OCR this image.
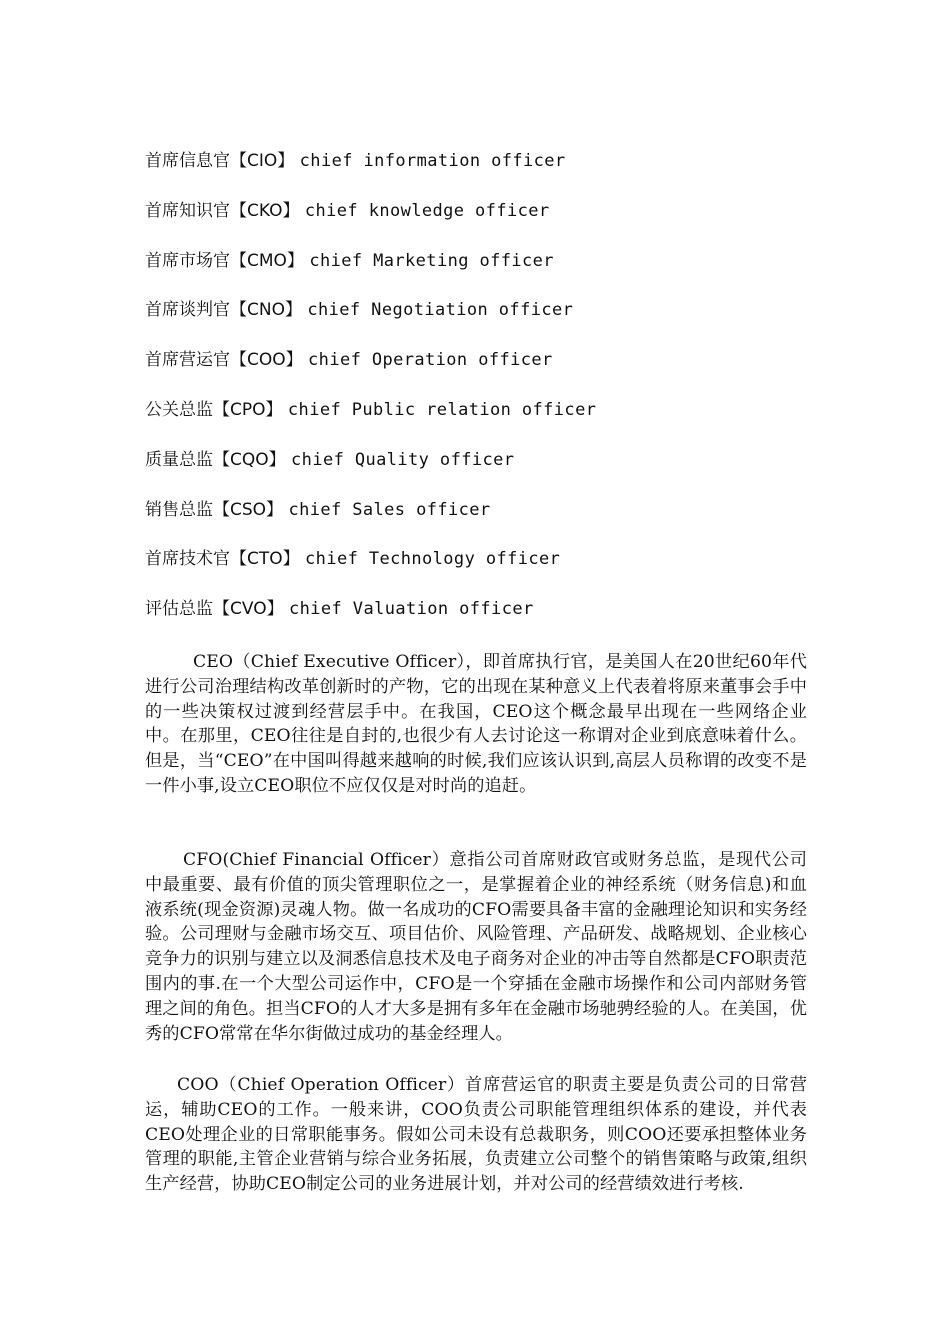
首席信息官【CIO】 chief information officer
首席知识官【CKO】 chief knowledge officer
首席市场官【CMO】 chief Marketing officer
首席谈判官【CNO】 chief Negotiation officer
首席营运官【COO】 chief Operation officer
公关总监【CPO】 chief Public relation officer
质量总监【CQO】 chief Quality officer
销售总监【CSO】 chief Sales officer
首席技术官【CTO】 chief Technology officer
评估总监【CVO】 chief Valuation officer

CEO（Chief Executive Officer），即首席执行官，是美国人在20世纪60年代进行公司治理结构改革创新时的产物，它的出现在某种意义上代表着将原来董事会手中的一些决策权过渡到经营层手中。在我国，CEO这个概念最早出现在一些网络企业中。在那里，CEO往往是自封的,也很少有人去讨论这一称谓对企业到底意味着什么。但是，当“CEO”在中国叫得越来越响的时候,我们应该认识到,高层人员称谓的改变不是一件小事,设立CEO职位不应仅仅是对时尚的追赶。

CFO(Chief Financial Officer）意指公司首席财政官或财务总监，是现代公司中最重要、最有价值的顶尖管理职位之一，是掌握着企业的神经系统（财务信息)和血液系统(现金资源)灵魂人物。做一名成功的CFO需要具备丰富的金融理论知识和实务经验。公司理财与金融市场交互、项目估价、风险管理、产品研发、战略规划、企业核心竞争力的识别与建立以及洞悉信息技术及电子商务对企业的冲击等自然都是CFO职责范围内的事.在一个大型公司运作中，CFO是一个穿插在金融市场操作和公司内部财务管理之间的角色。担当CFO的人才大多是拥有多年在金融市场驰骋经验的人。在美国，优秀的CFO常常在华尔街做过成功的基金经理人。

COO（Chief Operation Officer）首席营运官的职责主要是负责公司的日常营运，辅助CEO的工作。一般来讲，COO负责公司职能管理组织体系的建设，并代表CEO处理企业的日常职能事务。假如公司未设有总裁职务，则COO还要承担整体业务管理的职能,主管企业营销与综合业务拓展，负责建立公司整个的销售策略与政策,组织生产经营，协助CEO制定公司的业务进展计划，并对公司的经营绩效进行考核.
